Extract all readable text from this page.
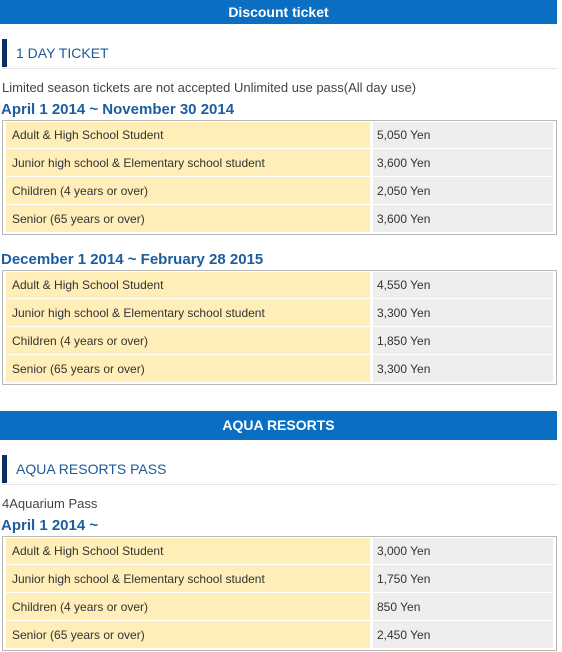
Discount ticket
1 DAY TICKET
Limited season tickets are not accepted Unlimited use pass(All day use)
April 1 2014 ~ November 30 2014
Adult & High School Student	5,050 Yen
Junior high school & Elementary school student	3,600 Yen
Children (4 years or over)	2,050 Yen
Senior (65 years or over)	3,600 Yen
December 1 2014 ~ February 28 2015
Adult & High School Student	4,550 Yen
Junior high school & Elementary school student	3,300 Yen
Children (4 years or over)	1,850 Yen
Senior (65 years or over)	3,300 Yen
AQUA RESORTS
AQUA RESORTS PASS
4Aquarium Pass
April 1 2014 ~
Adult & High School Student	3,000 Yen
Junior high school & Elementary school student	1,750 Yen
Children (4 years or over)	850 Yen
Senior (65 years or over)	2,450 Yen
